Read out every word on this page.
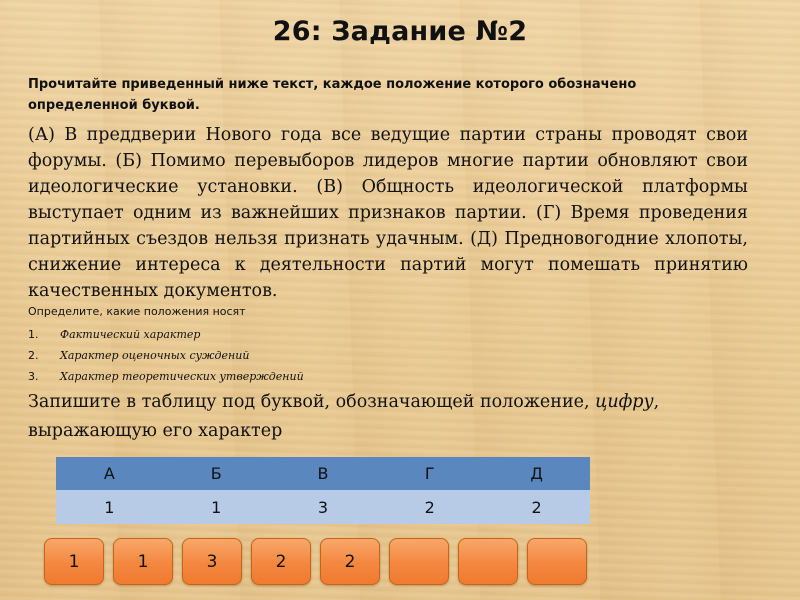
26: Задание №2
Прочитайте приведенный ниже текст, каждое положение которого обозначено определенной буквой.
(А) В преддверии Нового года все ведущие партии страны проводят свои форумы. (Б) Помимо перевыборов лидеров многие партии обновляют свои идеологические установки. (В) Общность идеологической платформы выступает одним из важнейших признаков партии. (Г) Время проведения партийных съездов нельзя признать удачным. (Д) Предновогодние хлопоты, снижение интереса к деятельности партий могут помешать принятию качественных документов.
Определите, какие положения носят
1.	Фактический характер
2.	Характер оценочных суждений
3.	Характер теоретических утверждений
Запишите в таблицу под буквой, обозначающей положение, цифру, выражающую его характер
А	Б	В	Г	Д
1	1	3	2	2
1	1	3	2	2
